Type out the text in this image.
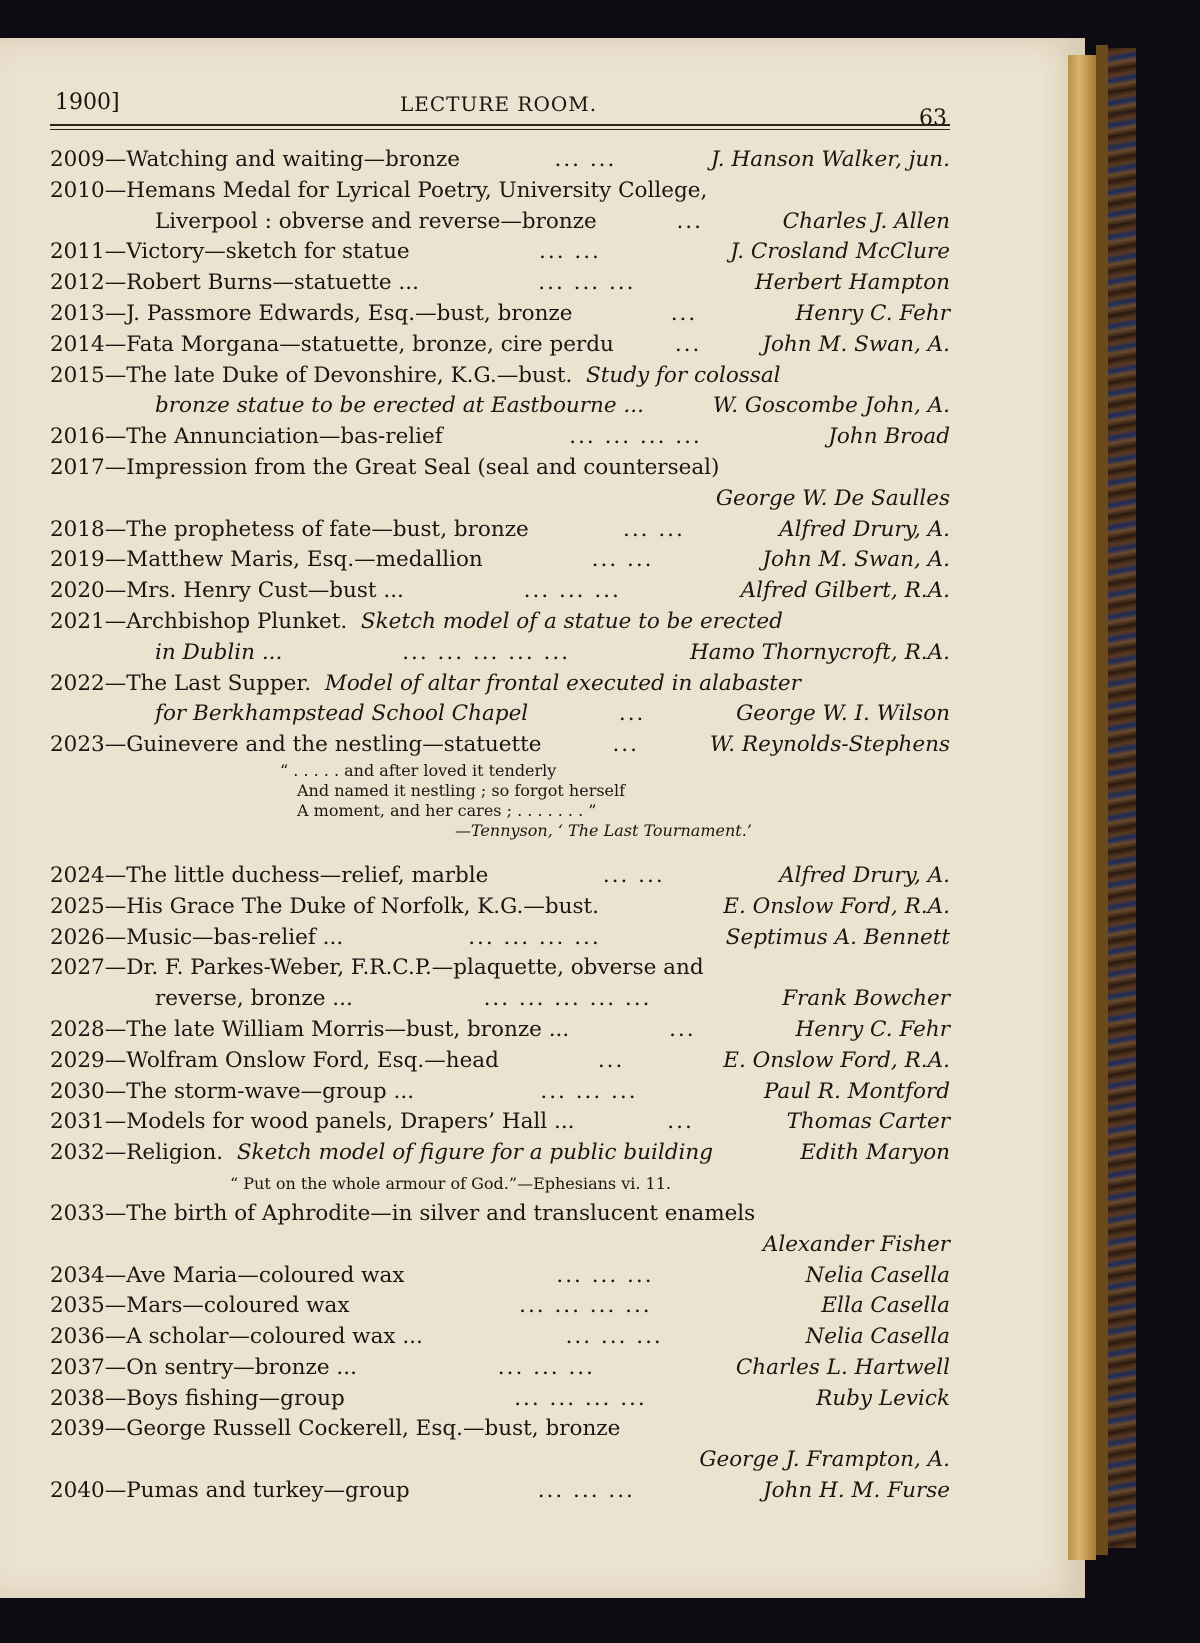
1900]	LECTURE ROOM.
63
2009—Watching and waiting—bronze	... ...	J. Hanson Walker, jun.
2010—Hemans Medal for Lyrical Poetry, University College,
Liverpool : obverse and reverse—bronze	...	Charles J. Allen
2011—Victory—sketch for statue	... ...	J. Crosland McClure
2012—Robert Burns—statuette ...	... ... ...	Herbert Hampton
2013—J. Passmore Edwards, Esq.—bust, bronze	...	Henry C. Fehr
2014—Fata Morgana—statuette, bronze, cire perdu	...	John M. Swan, A.
2015—The late Duke of Devonshire, K.G.—bust.
Study for colossal
bronze statue to be erected at Eastbourne ...	W. Goscombe John, A.
2016—The Annunciation—bas-relief	... ... ... ...	John Broad
2017—Impression from the Great Seal (seal and counterseal)
George W. De Saulles
2018—The prophetess of fate—bust, bronze	... ...	Alfred Drury, A.
2019—Matthew Maris, Esq.—medallion	... ...	John M. Swan, A.
2020—Mrs. Henry Cust—bust ...	... ... ...	Alfred Gilbert, R.A.
2021—Archbishop Plunket.
Sketch model of a statue to be erected
in Dublin ...	... ... ... ... ...	Hamo Thornycroft, R.A.
2022—The Last Supper.
Model of altar frontal executed in alabaster
for Berkhampstead School Chapel	...	George W. I. Wilson
2023—Guinevere and the nestling—statuette	...	W. Reynolds-Stephens
“ . . . . . and after loved it tenderly
And named it nestling ; so forgot herself
A moment, and her cares ; . . . . . . . ”
—Tennyson, ‘ The Last Tournament.’
2024—The little duchess—relief, marble	... ...	Alfred Drury, A.
2025—His Grace The Duke of Norfolk, K.G.—bust.	E. Onslow Ford, R.A.
2026—Music—bas-relief ...	... ... ... ...	Septimus A. Bennett
2027—Dr. F. Parkes-Weber, F.R.C.P.—plaquette, obverse and
reverse, bronze ...	... ... ... ... ...	Frank Bowcher
2028—The late William Morris—bust, bronze ...	...	Henry C. Fehr
2029—Wolfram Onslow Ford, Esq.—head	...	E. Onslow Ford, R.A.
2030—The storm-wave—group ...	... ... ...	Paul R. Montford
2031—Models for wood panels, Drapers’ Hall ...	...	Thomas Carter
2032—Religion.
Sketch model of figure for a public building	Edith Maryon
“ Put on the whole armour of God.”—Ephesians vi. 11.
2033—The birth of Aphrodite—in silver and translucent enamels
Alexander Fisher
2034—Ave Maria—coloured wax	... ... ...	Nelia Casella
2035—Mars—coloured wax	... ... ... ...	Ella Casella
2036—A scholar—coloured wax ...	... ... ...	Nelia Casella
2037—On sentry—bronze ...	... ... ...	Charles L. Hartwell
2038—Boys fishing—group	... ... ... ...	Ruby Levick
2039—George Russell Cockerell, Esq.—bust, bronze
George J. Frampton, A.
2040—Pumas and turkey—group	... ... ...	John H. M. Furse
